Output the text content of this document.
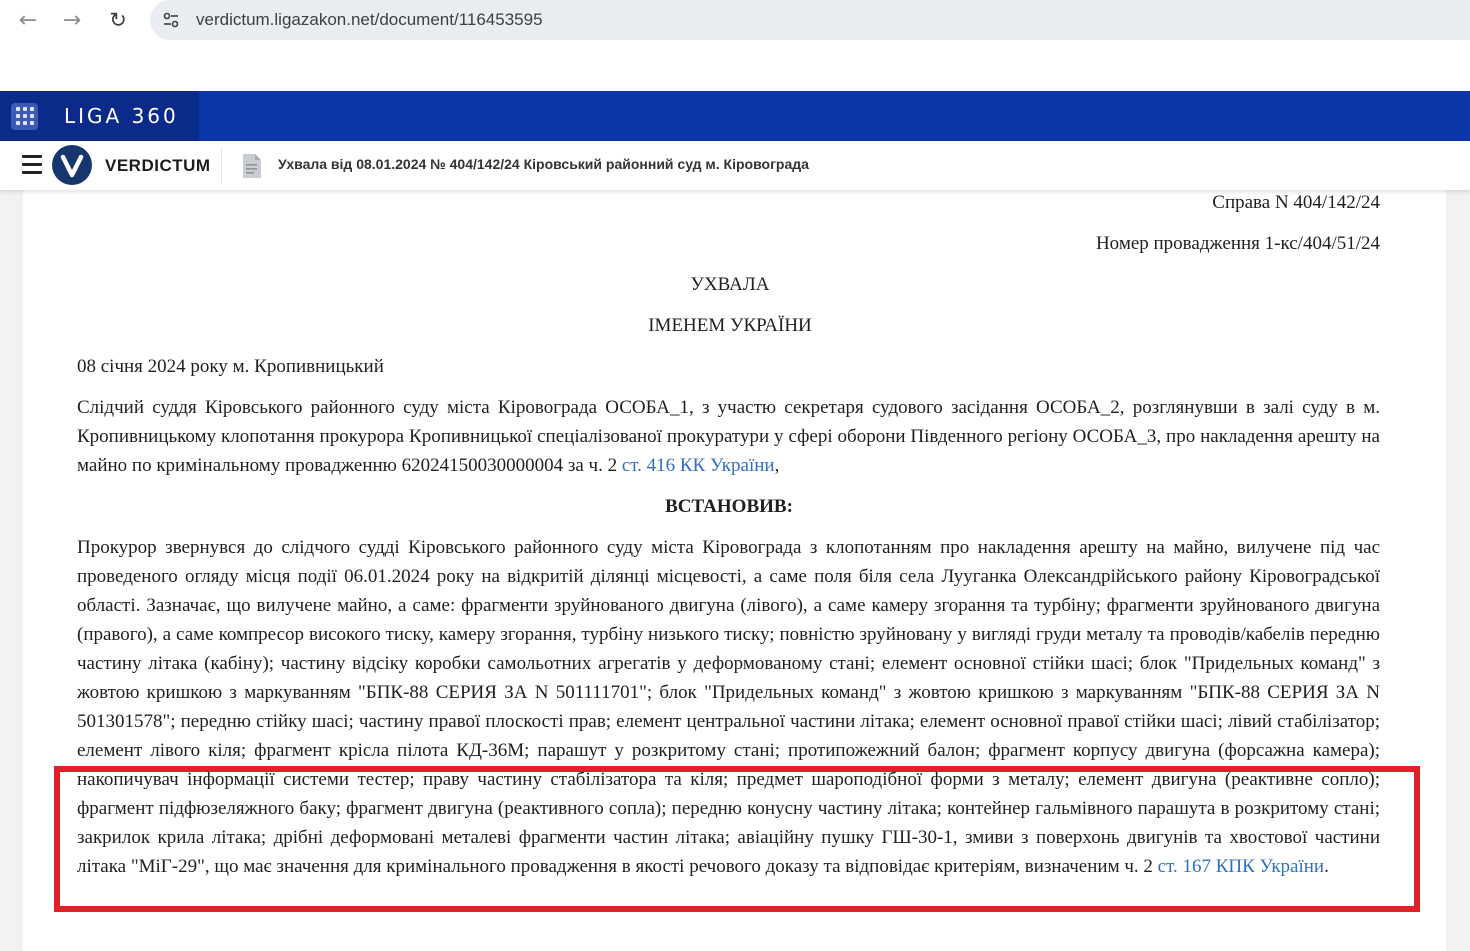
← → ↻	verdictum.ligazakon.net/document/116453595
LIGA 360
VERDICTUM	Ухвала від 08.01.2024 № 404/142/24 Кіровський районний суд м. Кіровограда
Справа N 404/142/24
Номер провадження 1-кс/404/51/24
УХВАЛА
ІМЕНЕМ УКРАЇНИ
08 січня 2024 року м. Кропивницький
Слідчий суддя Кіровського районного суду міста Кіровограда ОСОБА_1, з участю секретаря судового засідання ОСОБА_2, розглянувши в залі суду в м. Кропивницькому клопотання прокурора Кропивницької спеціалізованої прокуратури у сфері оборони Південного регіону ОСОБА_3, про накладення арешту на майно по кримінальному провадженню 62024150030000004 за ч. 2 ст. 416 КК України,
ВСТАНОВИВ:
Прокурор звернувся до слідчого судді Кіровського районного суду міста Кіровограда з клопотанням про накладення арешту на майно, вилучене під час проведеного огляду місця події 06.01.2024 року на відкритій ділянці місцевості, а саме поля біля села Лууганка Олександрійського району Кіровоградської області. Зазначає, що вилучене майно, а саме: фрагменти зруйнованого двигуна (лівого), а саме камеру згорання та турбіну; фрагменти зруйнованого двигуна (правого), а саме компресор високого тиску, камеру згорання, турбіну низького тиску; повністю зруйновану у вигляді груди металу та проводів/кабелів передню частину літака (кабіну); частину відсіку коробки самольотних агрегатів у деформованому стані; елемент основної стійки шасі; блок "Придельных команд" з жовтою кришкою з маркуванням "БПК-88 СЕРИЯ ЗА N 501111701"; блок "Придельных команд" з жовтою кришкою з маркуванням "БПК-88 СЕРИЯ ЗА N 501301578"; передню стійку шасі; частину правої плоскості прав; елемент центральної частини літака; елемент основної правої стійки шасі; лівий стабілізатор; елемент лівого кіля; фрагмент крісла пілота КД-36М; парашут у розкритому стані; протипожежний балон; фрагмент корпусу двигуна (форсажна камера); накопичувач інформації системи тестер; праву частину стабілізатора та кіля; предмет шароподібної форми з металу; елемент двигуна (реактивне сопло); фрагмент підфюзеляжного баку; фрагмент двигуна (реактивного сопла); передню конусну частину літака; контейнер гальмівного парашута в розкритому стані; закрилок крила літака; дрібні деформовані металеві фрагменти частин літака; авіаційну пушку ГШ-30-1, змиви з поверхонь двигунів та хвостової частини літака "МіГ-29", що має значення для кримінального провадження в якості речового доказу та відповідає критеріям, визначеним ч. 2 ст. 167 КПК України.
